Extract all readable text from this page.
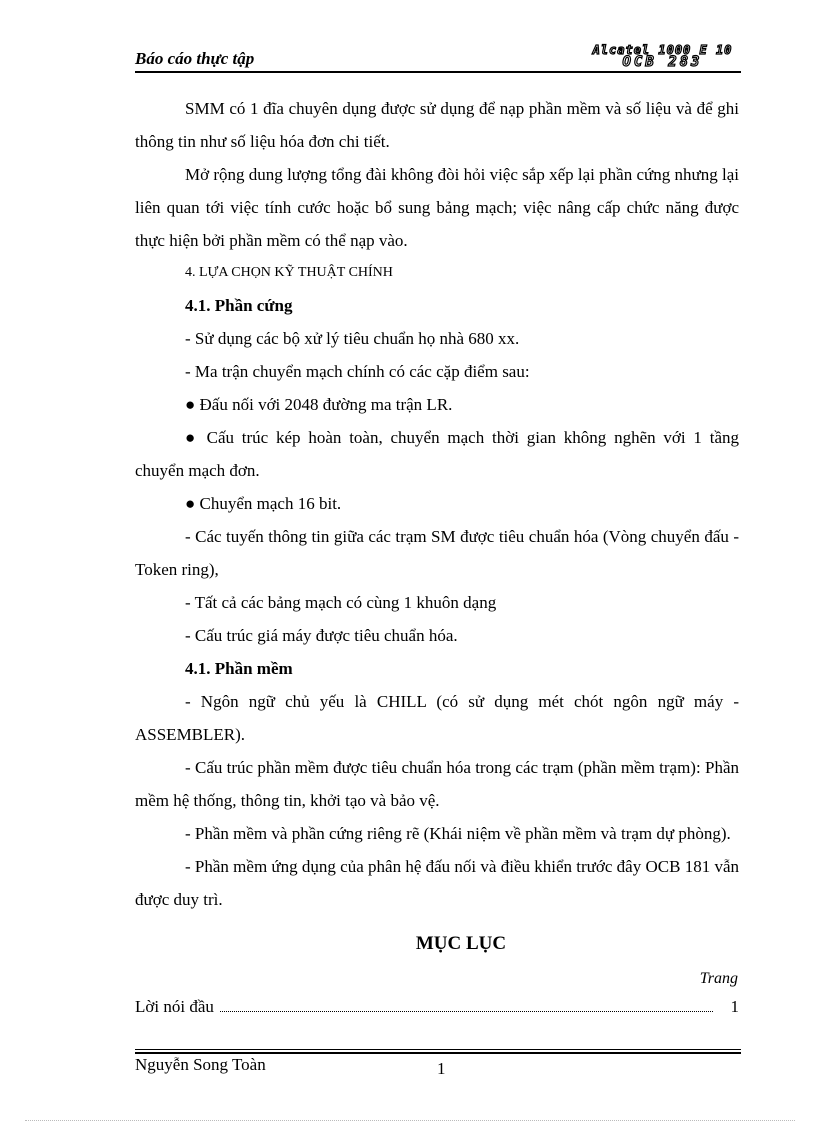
Báo cáo thực tập	Alcatel 1000 E 10
OCB 283

SMM có 1 đĩa chuyên dụng được sử dụng để nạp phần mềm và số liệu và để ghi thông tin như số liệu hóa đơn chi tiết.

Mở rộng dung lượng tổng đài không đòi hỏi việc sắp xếp lại phần cứng nhưng lại liên quan tới việc tính cước hoặc bổ sung bảng mạch; việc nâng cấp chức năng được thực hiện bởi phần mềm có thể nạp vào.

4. LỰA CHỌN KỸ THUẬT CHÍNH

4.1. Phần cứng

- Sử dụng các bộ xử lý tiêu chuẩn họ nhà 680 xx.

- Ma trận chuyển mạch chính có các cặp điểm sau:

● Đấu nối với 2048 đường ma trận LR.

● Cấu trúc kép hoàn toàn, chuyển mạch thời gian không nghẽn với 1 tầng chuyển mạch đơn.

● Chuyển mạch 16 bit.

- Các tuyến thông tin giữa các trạm SM được tiêu chuẩn hóa (Vòng chuyển đấu - Token ring),

- Tất cả các bảng mạch có cùng 1 khuôn dạng

- Cấu trúc giá máy được tiêu chuẩn hóa.

4.1. Phần mềm

- Ngôn ngữ chủ yếu là CHILL (có sử dụng mét chót ngôn ngữ máy - ASSEMBLER).

- Cấu trúc phần mềm được tiêu chuẩn hóa trong các trạm (phần mềm trạm): Phần mềm hệ thống, thông tin, khởi tạo và bảo vệ.

- Phần mềm và phần cứng riêng rẽ (Khái niệm về phần mềm và trạm dự phòng).

- Phần mềm ứng dụng của phân hệ đấu nối và điều khiển trước đây OCB 181 vẫn được duy trì.

MỤC LỤC
Trang
Lời nói đầu	1
Nguyễn Song Toàn	1
